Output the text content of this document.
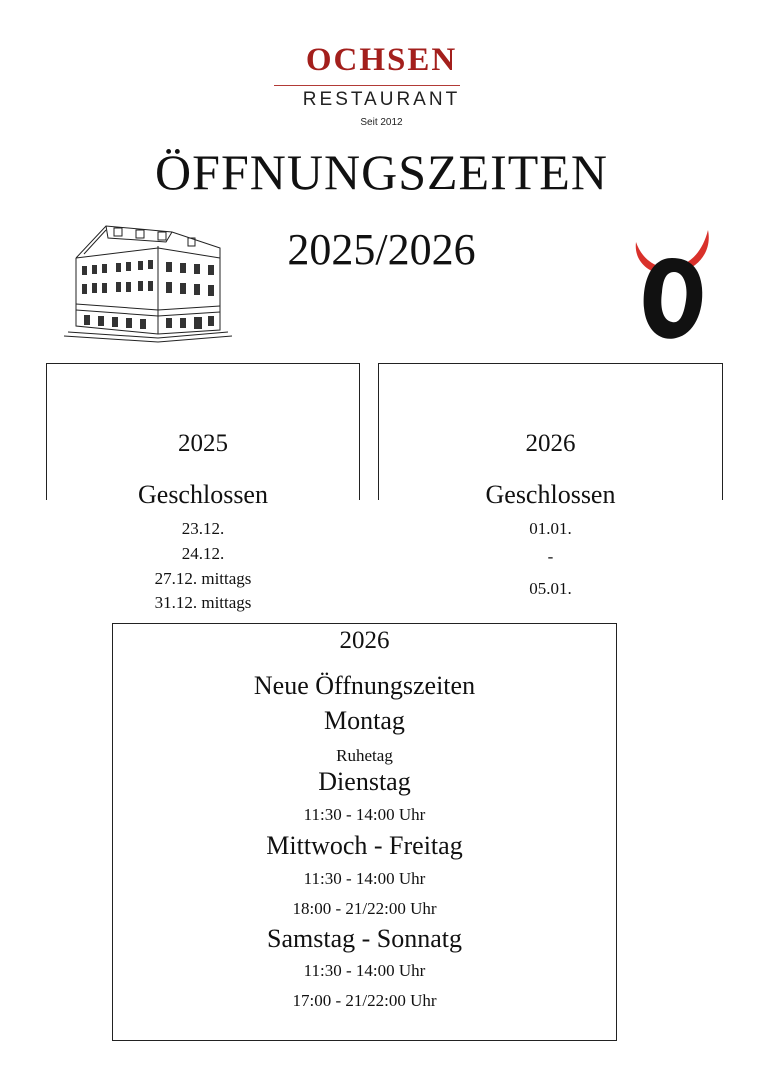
OCHSEN
RESTAURANT
Seit 2012
ÖFFNUNGSZEITEN
2025/2026
2025
Geschlossen
23.12.
24.12.
27.12. mittags
31.12. mittags
2026
Geschlossen
01.01.
-
05.01.
2026
Neue Öffnungszeiten
Montag
Ruhetag
Dienstag
11:30 - 14:00 Uhr
Mittwoch - Freitag
11:30 - 14:00 Uhr
18:00 - 21/22:00 Uhr
Samstag - Sonnatg
11:30 - 14:00 Uhr
17:00 - 21/22:00 Uhr
